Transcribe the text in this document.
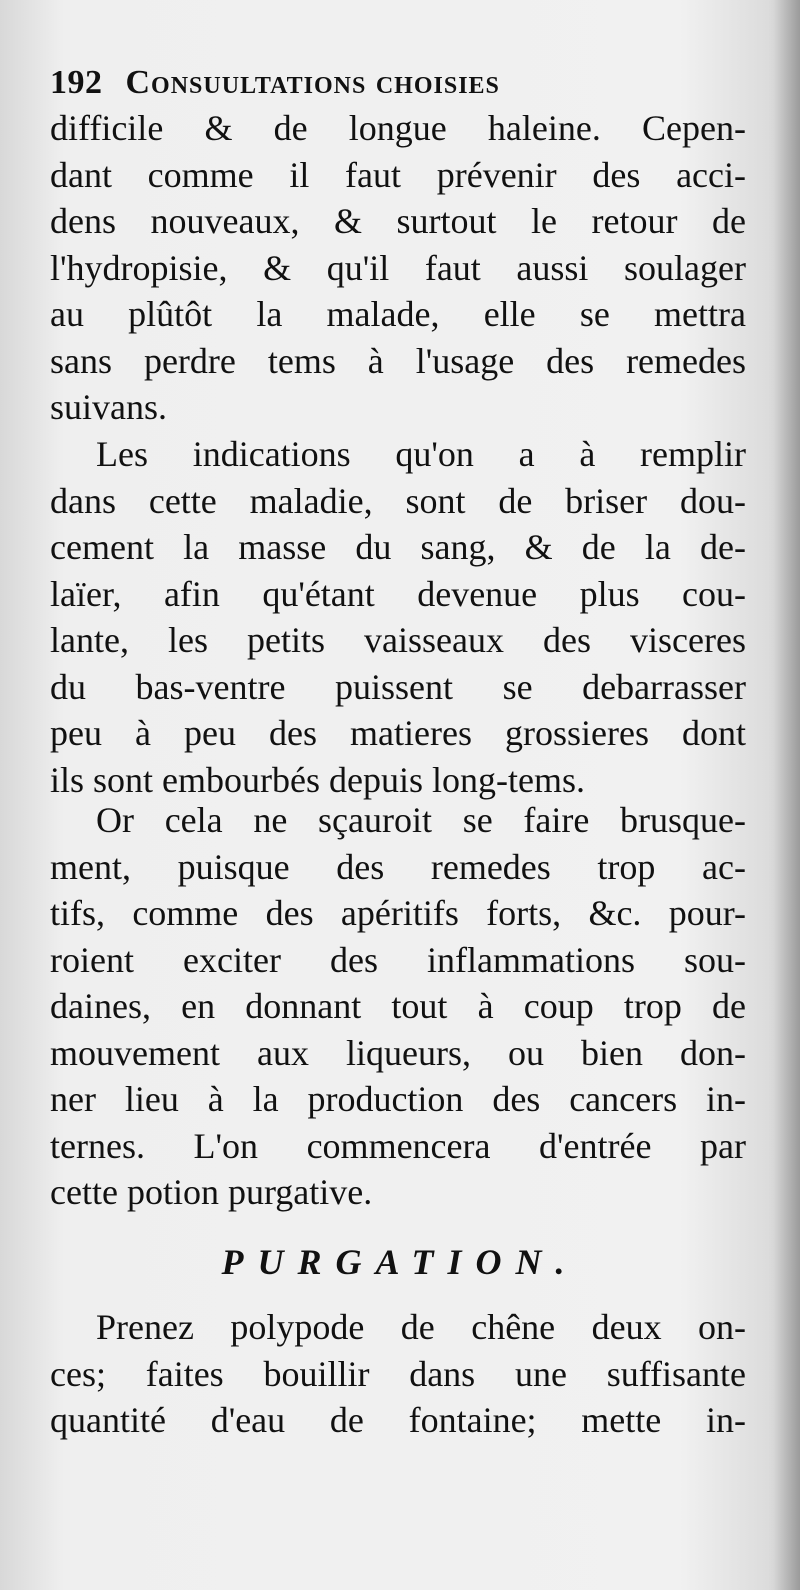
192 Consuultations choisies
difficile & de longue haleine. Cepen-
dant comme il faut prévenir des acci-
dens nouveaux, & surtout le retour de
l'hydropisie, & qu'il faut aussi soulager
au plûtôt la malade, elle se mettra
sans perdre tems à l'usage des remedes
suivans.
Les indications qu'on a à remplir
dans cette maladie, sont de briser dou-
cement la masse du sang, & de la de-
laïer, afin qu'étant devenue plus cou-
lante, les petits vaisseaux des visceres
du bas-ventre puissent se debarrasser
peu à peu des matieres grossieres dont
ils sont embourbés depuis long-tems.
Or cela ne sçauroit se faire brusque-
ment, puisque des remedes trop ac-
tifs, comme des apéritifs forts, &c. pour-
roient exciter des inflammations sou-
daines, en donnant tout à coup trop de
mouvement aux liqueurs, ou bien don-
ner lieu à la production des cancers in-
ternes. L'on commencera d'entrée par
cette potion purgative.
PURGATION.
Prenez polypode de chêne deux on-
ces; faites bouillir dans une suffisante
quantité d'eau de fontaine; mette in-
